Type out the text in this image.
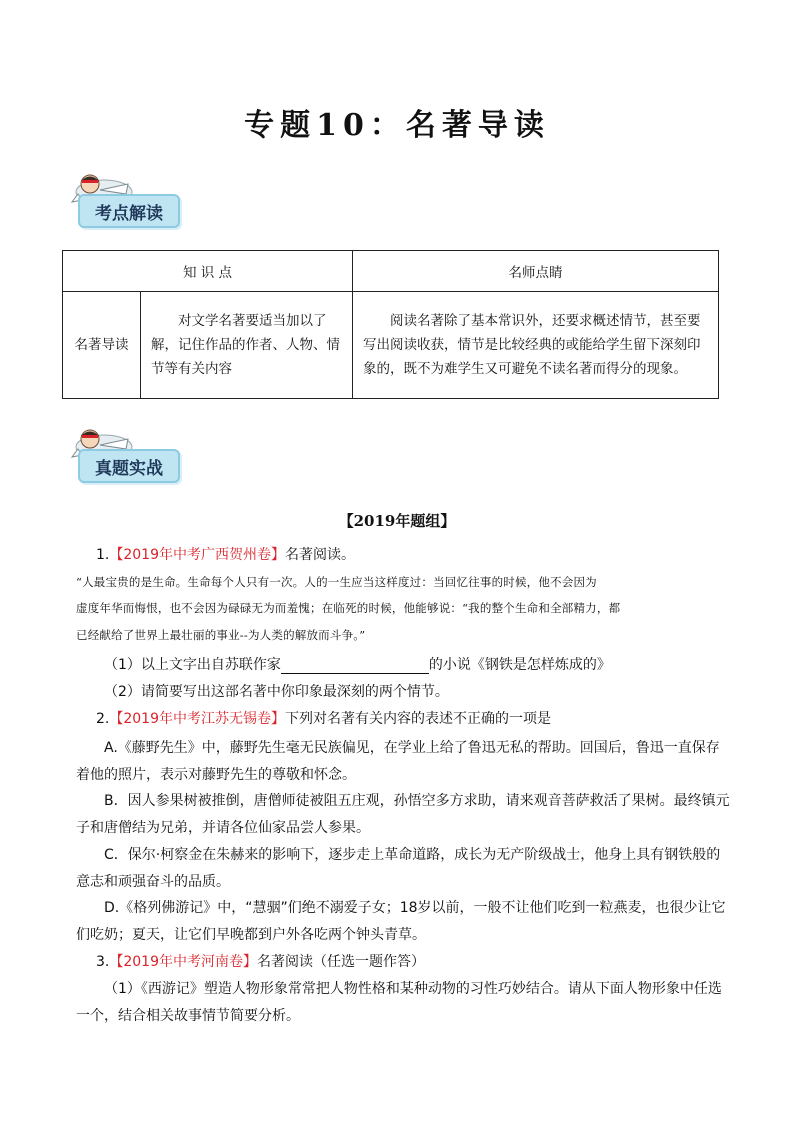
专题10：名著导读
考点解读
知 识 点		名师点睛
名著导读	对文学名著要适当加以了解，记住作品的作者、人物、情节等有关内容	阅读名著除了基本常识外，还要求概述情节，甚至要写出阅读收获，情节是比较经典的或能给学生留下深刻印象的，既不为难学生又可避免不读名著而得分的现象。
真题实战
【2019年题组】
1.【2019年中考广西贺州卷】名著阅读。
“人最宝贵的是生命。生命每个人只有一次。人的一生应当这样度过：当回忆往事的时候，他不会因为
虚度年华而悔恨，也不会因为碌碌无为而羞愧；在临死的时候，他能够说：“我的整个生命和全部精力，都
已经献给了世界上最壮丽的事业--为人类的解放而斗争。”
（1）以上文字出自苏联作家	的小说《钢铁是怎样炼成的》
（2）请简要写出这部名著中你印象最深刻的两个情节。
2.【2019年中考江苏无锡卷】下列对名著有关内容的表述不正确的一项是
A.《藤野先生》中，藤野先生毫无民族偏见，在学业上给了鲁迅无私的帮助。回国后，鲁迅一直保存
着他的照片，表示对藤野先生的尊敬和怀念。
B．因人参果树被推倒，唐僧师徒被阻五庄观，孙悟空多方求助，请来观音菩萨救活了果树。最终镇元
子和唐僧结为兄弟，并请各位仙家品尝人参果。
C．保尔·柯察金在朱赫来的影响下，逐步走上革命道路，成长为无产阶级战士，他身上具有钢铁般的
意志和顽强奋斗的品质。
D.《格列佛游记》中，“慧骃”们绝不溺爱子女；18岁以前，一般不让他们吃到一粒燕麦，也很少让它
们吃奶；夏天，让它们早晚都到户外各吃两个钟头青草。
3.【2019年中考河南卷】名著阅读（任选一题作答）
（1）《西游记》塑造人物形象常常把人物性格和某种动物的习性巧妙结合。请从下面人物形象中任选
一个，结合相关故事情节简要分析。
